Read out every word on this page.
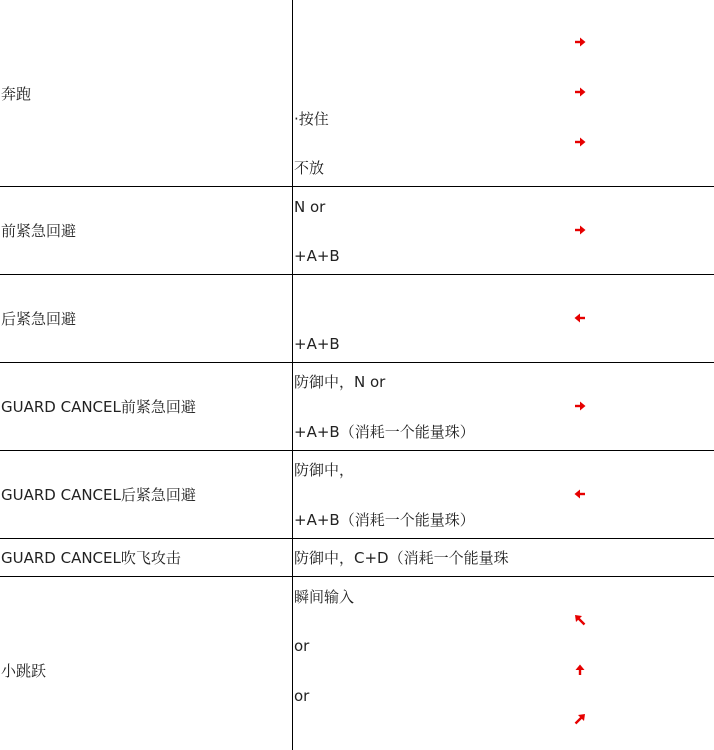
奔跑
·按住
不放
前紧急回避
N or
+A+B
后紧急回避
+A+B
GUARD CANCEL前紧急回避
防御中，N or
+A+B（消耗一个能量珠）
GUARD CANCEL后紧急回避
防御中，
+A+B（消耗一个能量珠）
GUARD CANCEL吹飞攻击	防御中，C+D（消耗一个能量珠
小跳跃
瞬间输入
or
or
